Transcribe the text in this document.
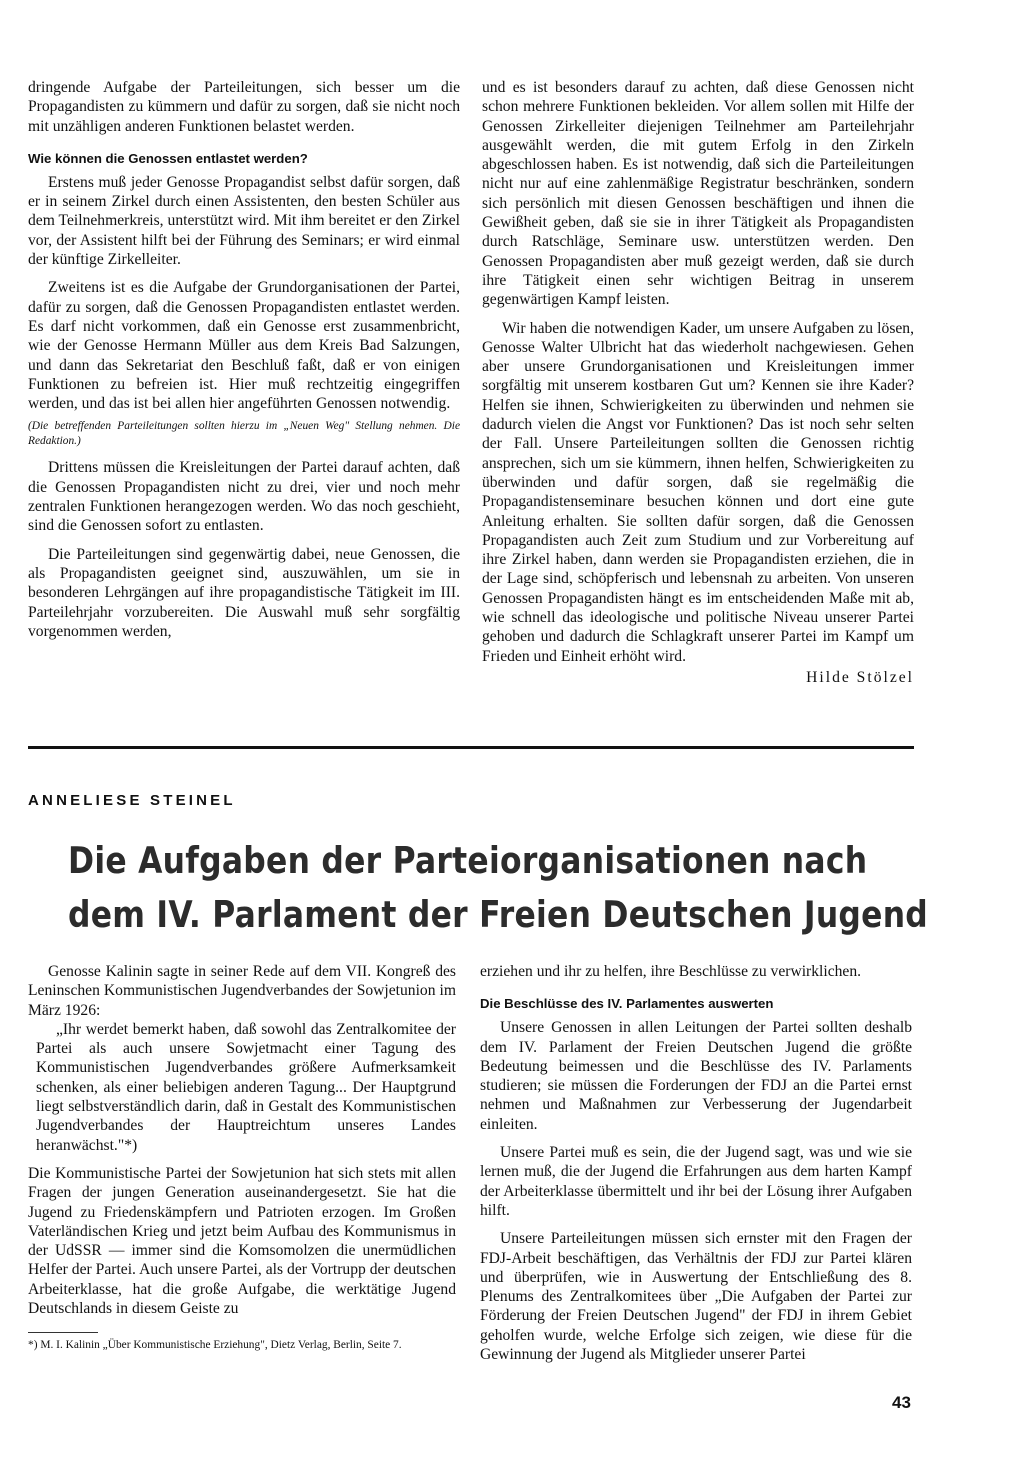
dringende Aufgabe der Parteileitungen, sich besser um die Propagandisten zu kümmern und dafür zu sorgen, daß sie nicht noch mit unzähligen anderen Funktionen belastet werden.

Wie können die Genossen entlastet werden?

Erstens muß jeder Genosse Propagandist selbst dafür sorgen, daß er in seinem Zirkel durch einen Assistenten, den besten Schüler aus dem Teilnehmerkreis, unterstützt wird. Mit ihm bereitet er den Zirkel vor, der Assistent hilft bei der Führung des Seminars; er wird einmal der künftige Zirkelleiter.

Zweitens ist es die Aufgabe der Grundorganisationen der Partei, dafür zu sorgen, daß die Genossen Propagandisten entlastet werden. Es darf nicht vorkommen, daß ein Genosse erst zusammenbricht, wie der Genosse Hermann Müller aus dem Kreis Bad Salzungen, und dann das Sekretariat den Beschluß faßt, daß er von einigen Funktionen zu befreien ist. Hier muß rechtzeitig eingegriffen werden, und das ist bei allen hier angeführten Genossen notwendig.

(Die betreffenden Parteileitungen sollten hierzu im „Neuen Weg" Stellung nehmen. Die Redaktion.)

Drittens müssen die Kreisleitungen der Partei darauf achten, daß die Genossen Propagandisten nicht zu drei, vier und noch mehr zentralen Funktionen herangezogen werden. Wo das noch geschieht, sind die Genossen sofort zu entlasten.

Die Parteileitungen sind gegenwärtig dabei, neue Genossen, die als Propagandisten geeignet sind, auszuwählen, um sie in besonderen Lehrgängen auf ihre propagandistische Tätigkeit im III. Parteilehrjahr vorzubereiten. Die Auswahl muß sehr sorgfältig vorgenommen werden,

und es ist besonders darauf zu achten, daß diese Genossen nicht schon mehrere Funktionen bekleiden. Vor allem sollen mit Hilfe der Genossen Zirkelleiter diejenigen Teilnehmer am Parteilehrjahr ausgewählt werden, die mit gutem Erfolg in den Zirkeln abgeschlossen haben. Es ist notwendig, daß sich die Parteileitungen nicht nur auf eine zahlenmäßige Registratur beschränken, sondern sich persönlich mit diesen Genossen beschäftigen und ihnen die Gewißheit geben, daß sie sie in ihrer Tätigkeit als Propagandisten durch Ratschläge, Seminare usw. unterstützen werden. Den Genossen Propagandisten aber muß gezeigt werden, daß sie durch ihre Tätigkeit einen sehr wichtigen Beitrag in unserem gegenwärtigen Kampf leisten.

Wir haben die notwendigen Kader, um unsere Aufgaben zu lösen, Genosse Walter Ulbricht hat das wiederholt nachgewiesen. Gehen aber unsere Grundorganisationen und Kreisleitungen immer sorgfältig mit unserem kostbaren Gut um? Kennen sie ihre Kader? Helfen sie ihnen, Schwierigkeiten zu überwinden und nehmen sie dadurch vielen die Angst vor Funktionen? Das ist noch sehr selten der Fall. Unsere Parteileitungen sollten die Genossen richtig ansprechen, sich um sie kümmern, ihnen helfen, Schwierigkeiten zu überwinden und dafür sorgen, daß sie regelmäßig die Propagandistenseminare besuchen können und dort eine gute Anleitung erhalten. Sie sollten dafür sorgen, daß die Genossen Propagandisten auch Zeit zum Studium und zur Vorbereitung auf ihre Zirkel haben, dann werden sie Propagandisten erziehen, die in der Lage sind, schöpferisch und lebensnah zu arbeiten. Von unseren Genossen Propagandisten hängt es im entscheidenden Maße mit ab, wie schnell das ideologische und politische Niveau unserer Partei gehoben und dadurch die Schlagkraft unserer Partei im Kampf um Frieden und Einheit erhöht wird.

Hilde Stölzel

ANNELIESE STEINEL
Die Aufgaben der Parteiorganisationen nach
dem IV. Parlament der Freien Deutschen Jugend

Genosse Kalinin sagte in seiner Rede auf dem VII. Kongreß des Leninschen Kommunistischen Jugendverbandes der Sowjetunion im März 1926:

„Ihr werdet bemerkt haben, daß sowohl das Zentralkomitee der Partei als auch unsere Sowjetmacht einer Tagung des Kommunistischen Jugendverbandes größere Aufmerksamkeit schenken, als einer beliebigen anderen Tagung... Der Hauptgrund liegt selbstverständlich darin, daß in Gestalt des Kommunistischen Jugendverbandes der Hauptreichtum unseres Landes heranwächst."*)

Die Kommunistische Partei der Sowjetunion hat sich stets mit allen Fragen der jungen Generation auseinandergesetzt. Sie hat die Jugend zu Friedenskämpfern und Patrioten erzogen. Im Großen Vaterländischen Krieg und jetzt beim Aufbau des Kommunismus in der UdSSR — immer sind die Komsomolzen die unermüdlichen Helfer der Partei. Auch unsere Partei, als der Vortrupp der deutschen Arbeiterklasse, hat die große Aufgabe, die werktätige Jugend Deutschlands in diesem Geiste zu

*) M. I. Kalinin „Über Kommunistische Erziehung", Dietz Verlag, Berlin, Seite 7.

erziehen und ihr zu helfen, ihre Beschlüsse zu verwirklichen.

Die Beschlüsse des IV. Parlamentes auswerten

Unsere Genossen in allen Leitungen der Partei sollten deshalb dem IV. Parlament der Freien Deutschen Jugend die größte Bedeutung beimessen und die Beschlüsse des IV. Parlaments studieren; sie müssen die Forderungen der FDJ an die Partei ernst nehmen und Maßnahmen zur Verbesserung der Jugendarbeit einleiten.

Unsere Partei muß es sein, die der Jugend sagt, was und wie sie lernen muß, die der Jugend die Erfahrungen aus dem harten Kampf der Arbeiterklasse übermittelt und ihr bei der Lösung ihrer Aufgaben hilft.

Unsere Parteileitungen müssen sich ernster mit den Fragen der FDJ-Arbeit beschäftigen, das Verhältnis der FDJ zur Partei klären und überprüfen, wie in Auswertung der Entschließung des 8. Plenums des Zentralkomitees über „Die Aufgaben der Partei zur Förderung der Freien Deutschen Jugend" der FDJ in ihrem Gebiet geholfen wurde, welche Erfolge sich zeigen, wie diese für die Gewinnung der Jugend als Mitglieder unserer Partei

43
